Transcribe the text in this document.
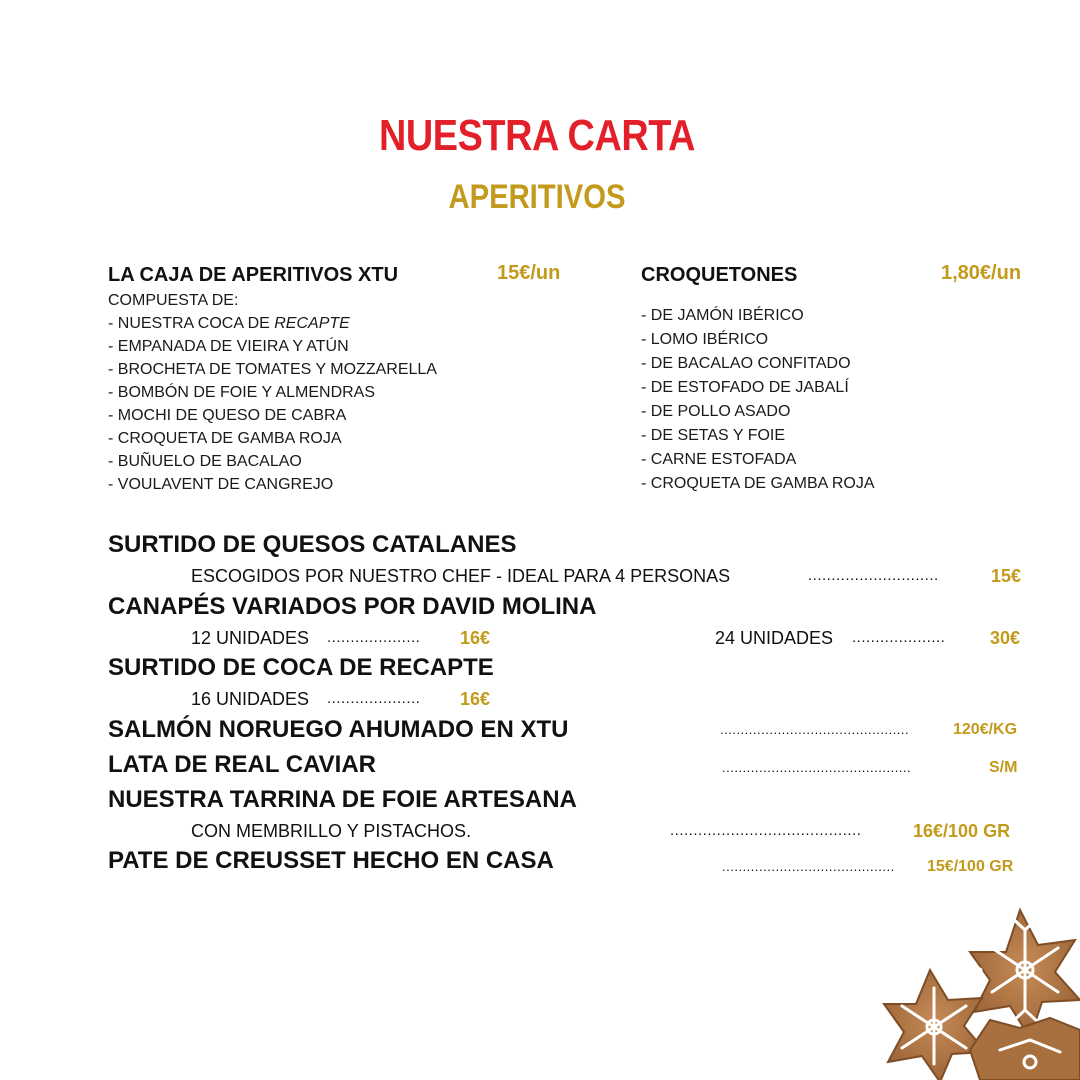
NUESTRA CARTA
APERITIVOS
LA CAJA DE APERITIVOS XTU	15€/un
COMPUESTA DE:
- NUESTRA COCA DE RECAPTE
- EMPANADA DE VIEIRA Y ATÚN
- BROCHETA DE TOMATES Y MOZZARELLA
- BOMBÓN DE FOIE Y ALMENDRAS
- MOCHI DE QUESO DE CABRA
- CROQUETA DE GAMBA ROJA
- BUÑUELO DE BACALAO
- VOULAVENT DE CANGREJO
CROQUETONES	1,80€/un
- DE JAMÓN IBÉRICO
- LOMO IBÉRICO
- DE BACALAO CONFITADO
- DE ESTOFADO DE JABALÍ
- DE POLLO ASADO
- DE SETAS Y FOIE
- CARNE ESTOFADA
- CROQUETA DE GAMBA ROJA
SURTIDO DE QUESOS CATALANES
ESCOGIDOS POR NUESTRO CHEF - IDEAL PARA 4 PERSONAS	............................	15€
CANAPÉS VARIADOS POR DAVID MOLINA
12 UNIDADES .................... 16€	24 UNIDADES .................... 30€
SURTIDO DE COCA DE RECAPTE
16 UNIDADES .................... 16€
SALMÓN NORUEGO AHUMADO EN XTU	..............................................	120€/KG
LATA DE REAL CAVIAR	..............................................	S/M
NUESTRA TARRINA DE FOIE ARTESANA
CON MEMBRILLO Y PISTACHOS.	.........................................	16€/100 GR
PATE DE CREUSSET HECHO EN CASA	.......................................... 15€/100 GR
